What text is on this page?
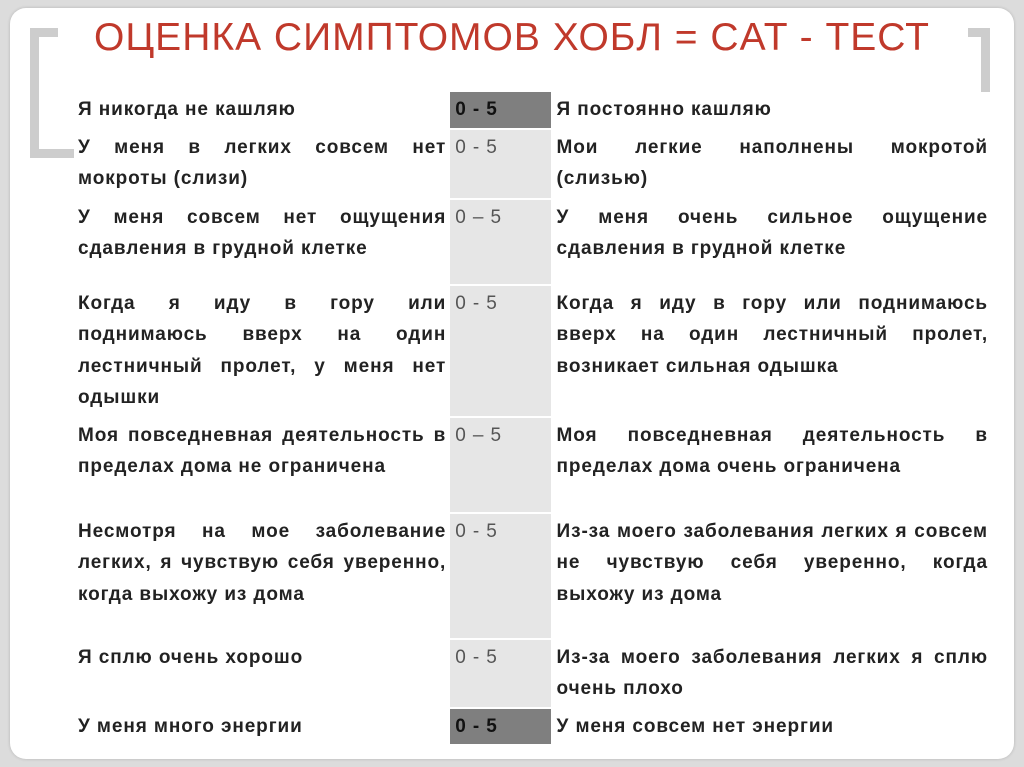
ОЦЕНКА СИМПТОМОВ ХОБЛ = CAT - ТЕСТ
Я никогда не кашляю	0 - 5	Я постоянно кашляю
У меня в легких совсем нет мокроты (слизи)	0 - 5	Мои легкие наполнены мокротой (слизью)
У меня совсем нет ощущения сдавления в грудной клетке	0 – 5	У меня очень сильное ощущение сдавления в грудной клетке
Когда я иду в гору или поднимаюсь вверх на один лестничный пролет, у меня нет одышки	0 - 5	Когда я иду в гору или поднимаюсь вверх на один лестничный пролет, возникает сильная одышка
Моя повседневная деятельность в пределах дома не ограничена	0 – 5	Моя повседневная деятельность в пределах дома очень ограничена
Несмотря на мое заболевание легких, я чувствую себя уверенно, когда выхожу из дома	0 - 5	Из-за моего заболевания легких я совсем не чувствую себя уверенно, когда выхожу из дома
Я сплю очень хорошо	0 - 5	Из-за моего заболевания легких я сплю очень плохо
У меня много энергии	0 - 5	У меня совсем нет энергии
